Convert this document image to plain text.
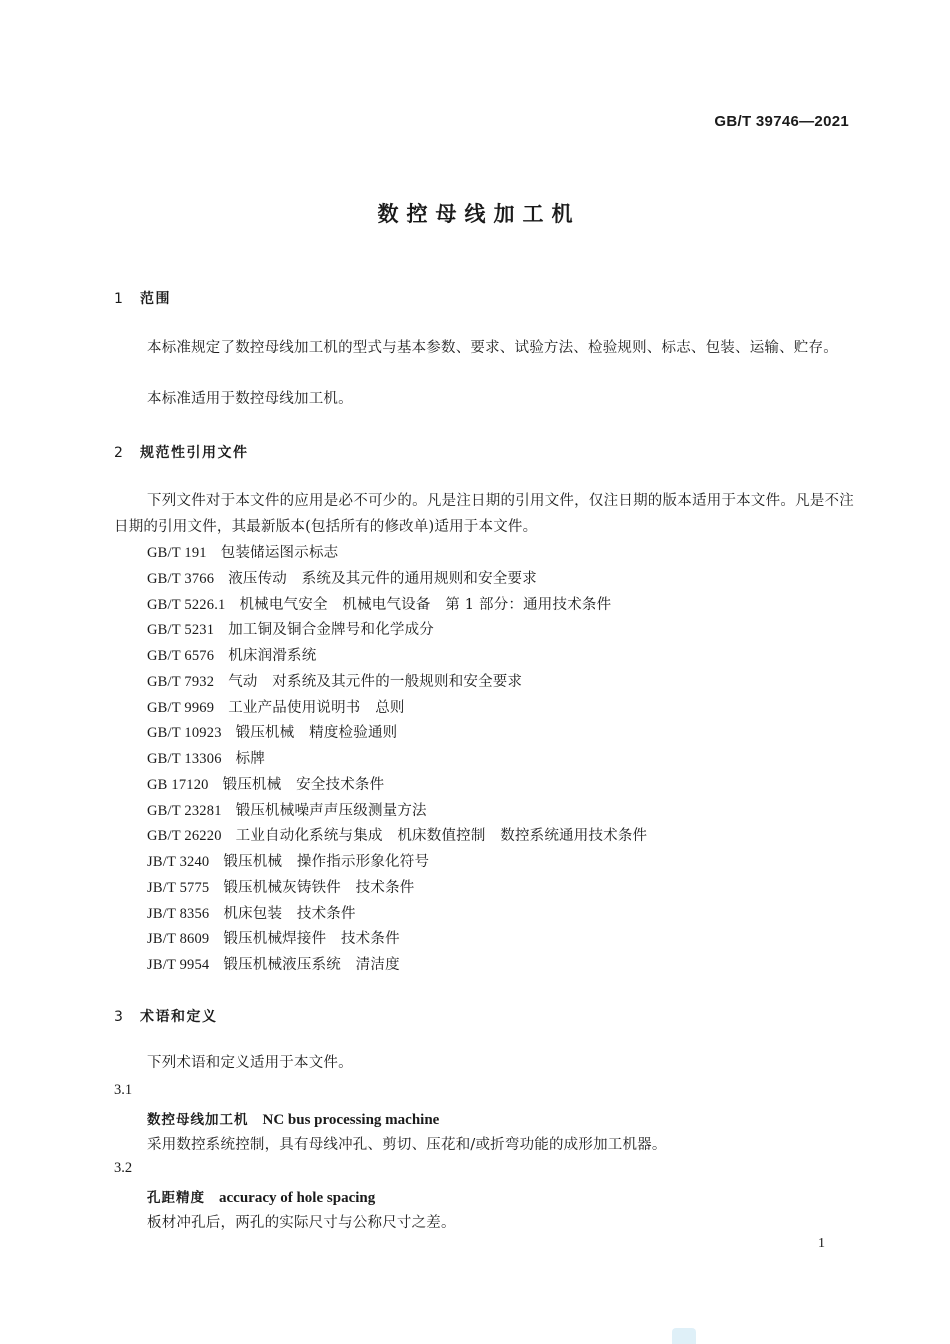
GB/T 39746—2021
数控母线加工机
1 范围
本标准规定了数控母线加工机的型式与基本参数、要求、试验方法、检验规则、标志、包装、运输、贮存。
本标准适用于数控母线加工机。
2 规范性引用文件
下列文件对于本文件的应用是必不可少的。凡是注日期的引用文件，仅注日期的版本适用于本文件。凡是不注日期的引用文件，其最新版本(包括所有的修改单)适用于本文件。
GB/T 191 包装储运图示标志
GB/T 3766 液压传动　系统及其元件的通用规则和安全要求
GB/T 5226.1 机械电气安全　机械电气设备　第 1 部分：通用技术条件
GB/T 5231 加工铜及铜合金牌号和化学成分
GB/T 6576 机床润滑系统
GB/T 7932 气动　对系统及其元件的一般规则和安全要求
GB/T 9969 工业产品使用说明书　总则
GB/T 10923 锻压机械　精度检验通则
GB/T 13306 标牌
GB 17120 锻压机械　安全技术条件
GB/T 23281 锻压机械噪声声压级测量方法
GB/T 26220 工业自动化系统与集成　机床数值控制　数控系统通用技术条件
JB/T 3240 锻压机械　操作指示形象化符号
JB/T 5775 锻压机械灰铸铁件　技术条件
JB/T 8356 机床包装　技术条件
JB/T 8609 锻压机械焊接件　技术条件
JB/T 9954 锻压机械液压系统　清洁度
3 术语和定义
下列术语和定义适用于本文件。
3.1
数控母线加工机 NC bus processing machine
采用数控系统控制，具有母线冲孔、剪切、压花和/或折弯功能的成形加工机器。
3.2
孔距精度 accuracy of hole spacing
板材冲孔后，两孔的实际尺寸与公称尺寸之差。
1
